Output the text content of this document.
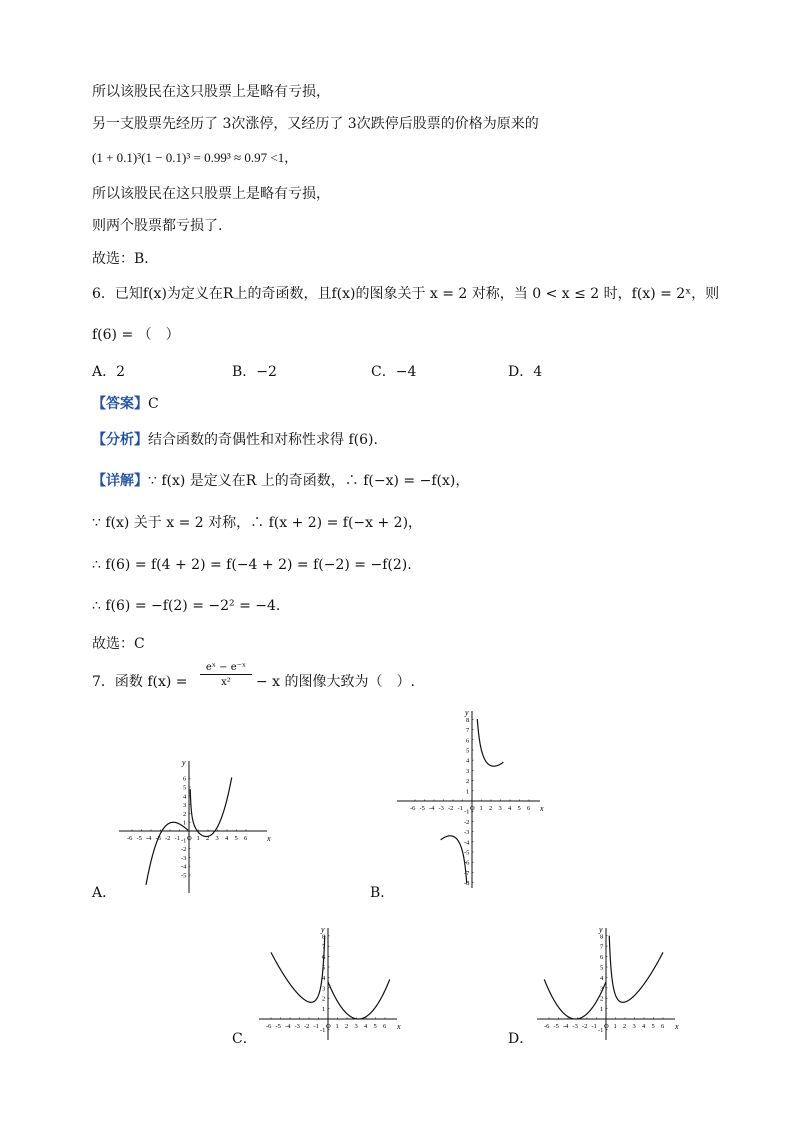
所以该股民在这只股票上是略有亏损，
另一支股票先经历了 3次涨停，又经历了 3次跌停后股票的价格为原来的
(1 + 0.1)³(1 − 0.1)³ = 0.99³ ≈ 0.97 <1，
所以该股民在这只股票上是略有亏损，
则两个股票都亏损了.
故选：B．
6．已知f(x)为定义在R上的奇函数，且f(x)的图象关于 x = 2 对称，当 0 < x ≤ 2 时，f(x) = 2ˣ，则
f(6) = （　）
A．2	B．−2	C．−4	D．4
【答案】C
【分析】结合函数的奇偶性和对称性求得 f(6).
【详解】∵ f(x) 是定义在R 上的奇函数，∴ f(−x) = −f(x)，
∵ f(x) 关于 x = 2 对称，∴ f(x + 2) = f(−x + 2)，
∴ f(6) = f(4 + 2) = f(−4 + 2) = f(−2) = −f(2).
∴ f(6) = −f(2) = −2² = −4.
故选：C
7．函数 f(x) =
eˣ − e⁻ˣ
x²	− x 的图像大致为（　）.
A．	B．
C．	D．
y
x
-6 -5 -4 -3 -2 -1 O 1 2 3 4 5 6
6
5
4
3
2
1
-1
-2
-3
-4
-5
y
x
-6 -5 -4 -3 -2 -1 O 1 2 3 4 5 6
8
7
6
5
4
3
2
1
-1
-2
-3
-4
-5
-6
-7
-8
y
x
-6 -5 -4 -3 -2 -1 O 1 2 3 4 5 6
8
7
6
5
4
3
2
1
-1
y
x
-6 -5 -4 -3 -2 -1 O 1 2 3 4 5 6
8
7
6
5
4
3
2
1
-1
